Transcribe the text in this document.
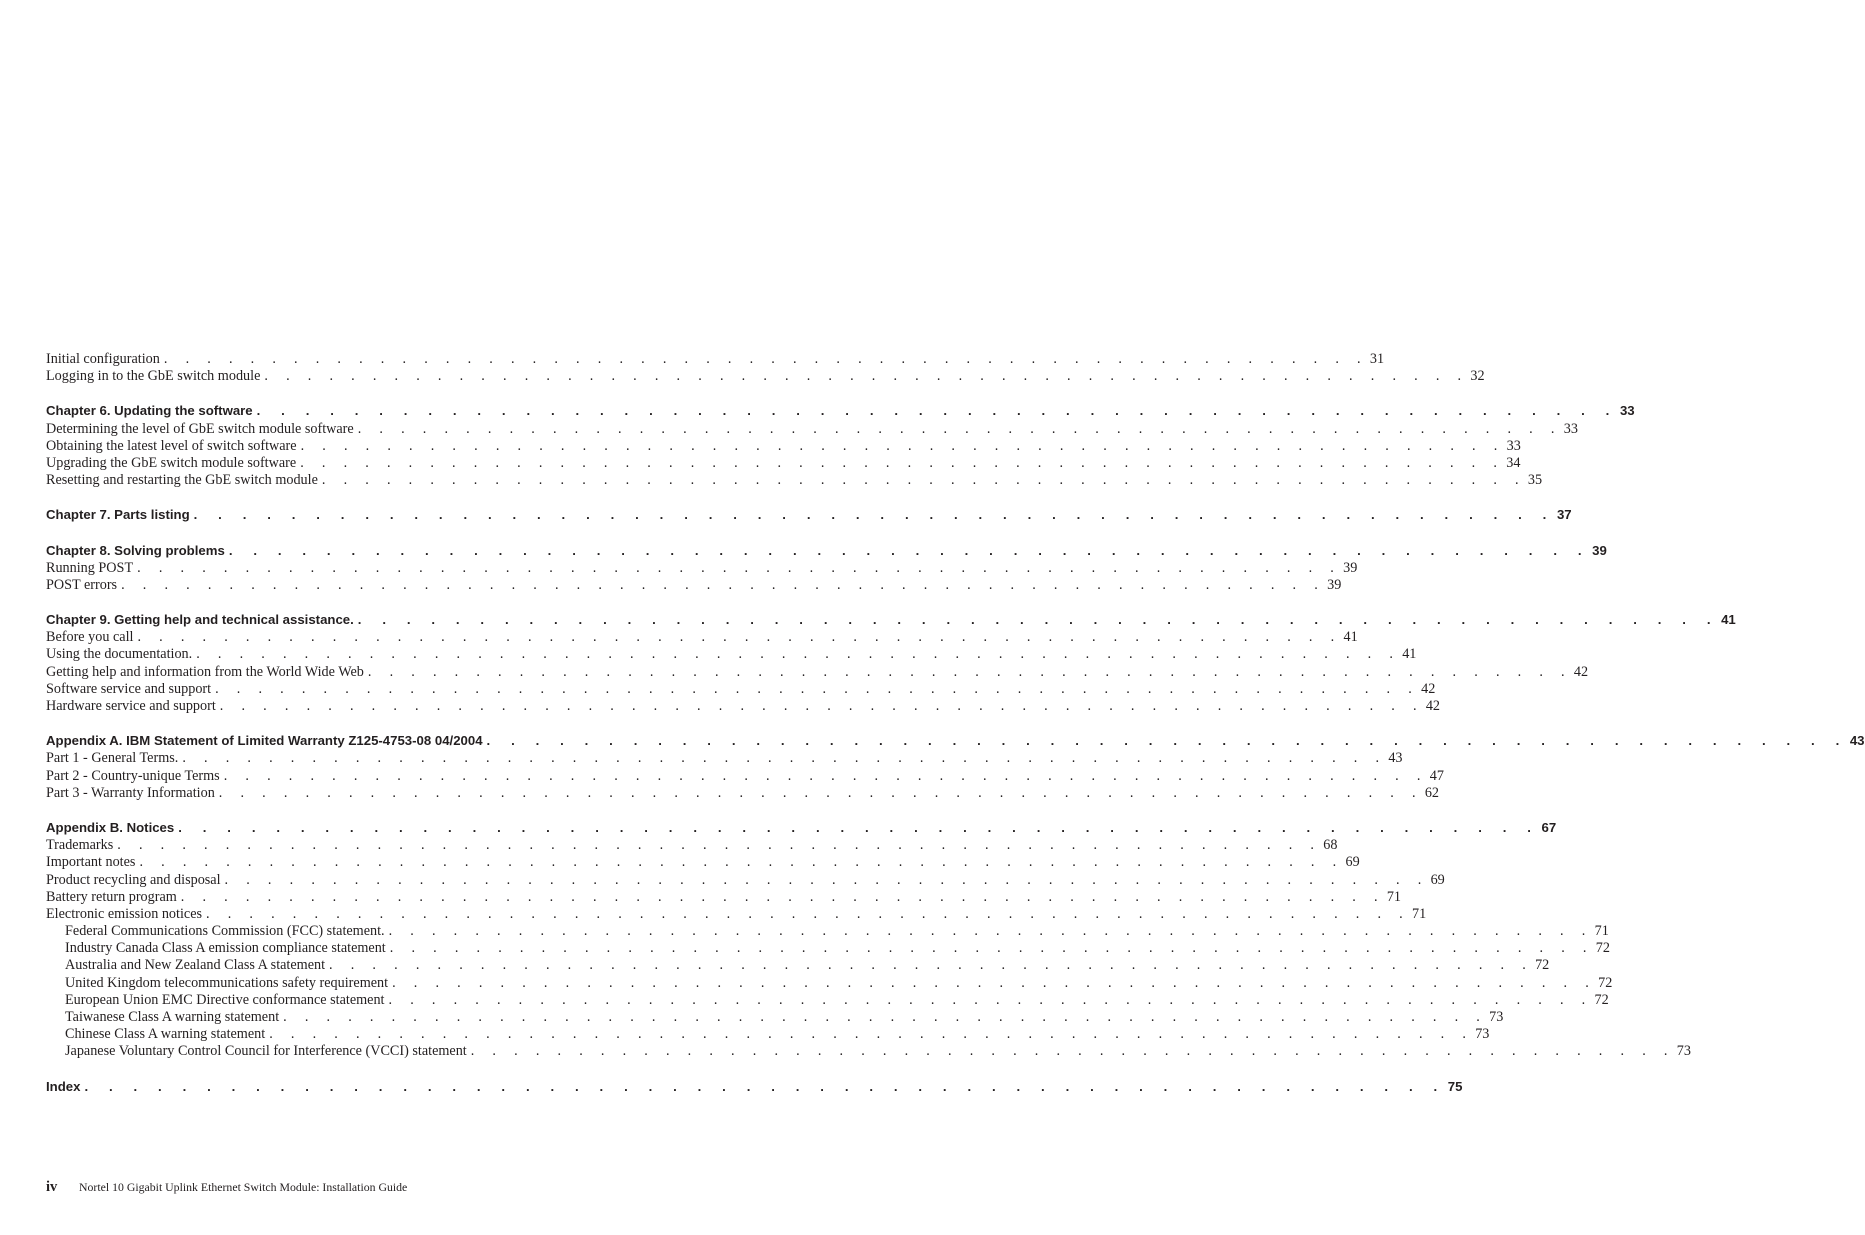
Initial configuration . . . . . . . . . . . . . . . . . . . . . . . . . . . . . . . . . . . . . . . . . . . . . . . . . . . . . . . . 31
Logging in to the GbE switch module . . . . . . . . . . . . . . . . . . . . . . . . . . . . . . . . . . . . . . . . . . . . . . . . . . . . . . . . 32
Chapter 6. Updating the software . . . . . . . . . . . . . . . . . . . . . . . . . . . . . . . . . . . . . . . . . . . . . . . . . . . . . . . . 33
Determining the level of GbE switch module software . . . . . . . . . . . . . . . . . . . . . . . . . . . . . . . . . . . . . . . . . . . . . . . . . . . . . . . . 33
Obtaining the latest level of switch software . . . . . . . . . . . . . . . . . . . . . . . . . . . . . . . . . . . . . . . . . . . . . . . . . . . . . . . . 33
Upgrading the GbE switch module software . . . . . . . . . . . . . . . . . . . . . . . . . . . . . . . . . . . . . . . . . . . . . . . . . . . . . . . . 34
Resetting and restarting the GbE switch module . . . . . . . . . . . . . . . . . . . . . . . . . . . . . . . . . . . . . . . . . . . . . . . . . . . . . . . . 35
Chapter 7. Parts listing . . . . . . . . . . . . . . . . . . . . . . . . . . . . . . . . . . . . . . . . . . . . . . . . . . . . . . . . 37
Chapter 8. Solving problems . . . . . . . . . . . . . . . . . . . . . . . . . . . . . . . . . . . . . . . . . . . . . . . . . . . . . . . . 39
Running POST . . . . . . . . . . . . . . . . . . . . . . . . . . . . . . . . . . . . . . . . . . . . . . . . . . . . . . . . 39
POST errors . . . . . . . . . . . . . . . . . . . . . . . . . . . . . . . . . . . . . . . . . . . . . . . . . . . . . . . . 39
Chapter 9. Getting help and technical assistance. . . . . . . . . . . . . . . . . . . . . . . . . . . . . . . . . . . . . . . . . . . . . . . . . . . . . . . . . 41
Before you call . . . . . . . . . . . . . . . . . . . . . . . . . . . . . . . . . . . . . . . . . . . . . . . . . . . . . . . . 41
Using the documentation. . . . . . . . . . . . . . . . . . . . . . . . . . . . . . . . . . . . . . . . . . . . . . . . . . . . . . . . . 41
Getting help and information from the World Wide Web . . . . . . . . . . . . . . . . . . . . . . . . . . . . . . . . . . . . . . . . . . . . . . . . . . . . . . . . 42
Software service and support . . . . . . . . . . . . . . . . . . . . . . . . . . . . . . . . . . . . . . . . . . . . . . . . . . . . . . . . 42
Hardware service and support . . . . . . . . . . . . . . . . . . . . . . . . . . . . . . . . . . . . . . . . . . . . . . . . . . . . . . . . 42
Appendix A. IBM Statement of Limited Warranty Z125-4753-08 04/2004 . . . . . . . . . . . . . . . . . . . . . . . . . . . . . . . . . . . . . . . . . . . . . . . . . . . . . . . . 43
Part 1 - General Terms. . . . . . . . . . . . . . . . . . . . . . . . . . . . . . . . . . . . . . . . . . . . . . . . . . . . . . . . . 43
Part 2 - Country-unique Terms . . . . . . . . . . . . . . . . . . . . . . . . . . . . . . . . . . . . . . . . . . . . . . . . . . . . . . . . 47
Part 3 - Warranty Information . . . . . . . . . . . . . . . . . . . . . . . . . . . . . . . . . . . . . . . . . . . . . . . . . . . . . . . . 62
Appendix B. Notices . . . . . . . . . . . . . . . . . . . . . . . . . . . . . . . . . . . . . . . . . . . . . . . . . . . . . . . . 67
Trademarks . . . . . . . . . . . . . . . . . . . . . . . . . . . . . . . . . . . . . . . . . . . . . . . . . . . . . . . . 68
Important notes . . . . . . . . . . . . . . . . . . . . . . . . . . . . . . . . . . . . . . . . . . . . . . . . . . . . . . . . 69
Product recycling and disposal . . . . . . . . . . . . . . . . . . . . . . . . . . . . . . . . . . . . . . . . . . . . . . . . . . . . . . . . 69
Battery return program . . . . . . . . . . . . . . . . . . . . . . . . . . . . . . . . . . . . . . . . . . . . . . . . . . . . . . . . 71
Electronic emission notices . . . . . . . . . . . . . . . . . . . . . . . . . . . . . . . . . . . . . . . . . . . . . . . . . . . . . . . . 71
Federal Communications Commission (FCC) statement. . . . . . . . . . . . . . . . . . . . . . . . . . . . . . . . . . . . . . . . . . . . . . . . . . . . . . . . . 71
Industry Canada Class A emission compliance statement . . . . . . . . . . . . . . . . . . . . . . . . . . . . . . . . . . . . . . . . . . . . . . . . . . . . . . . . 72
Australia and New Zealand Class A statement . . . . . . . . . . . . . . . . . . . . . . . . . . . . . . . . . . . . . . . . . . . . . . . . . . . . . . . . 72
United Kingdom telecommunications safety requirement . . . . . . . . . . . . . . . . . . . . . . . . . . . . . . . . . . . . . . . . . . . . . . . . . . . . . . . . 72
European Union EMC Directive conformance statement . . . . . . . . . . . . . . . . . . . . . . . . . . . . . . . . . . . . . . . . . . . . . . . . . . . . . . . . 72
Taiwanese Class A warning statement . . . . . . . . . . . . . . . . . . . . . . . . . . . . . . . . . . . . . . . . . . . . . . . . . . . . . . . . 73
Chinese Class A warning statement . . . . . . . . . . . . . . . . . . . . . . . . . . . . . . . . . . . . . . . . . . . . . . . . . . . . . . . . 73
Japanese Voluntary Control Council for Interference (VCCI) statement . . . . . . . . . . . . . . . . . . . . . . . . . . . . . . . . . . . . . . . . . . . . . . . . . . . . . . . . 73
Index . . . . . . . . . . . . . . . . . . . . . . . . . . . . . . . . . . . . . . . . . . . . . . . . . . . . . . . . 75
iv	Nortel 10 Gigabit Uplink Ethernet Switch Module: Installation Guide
